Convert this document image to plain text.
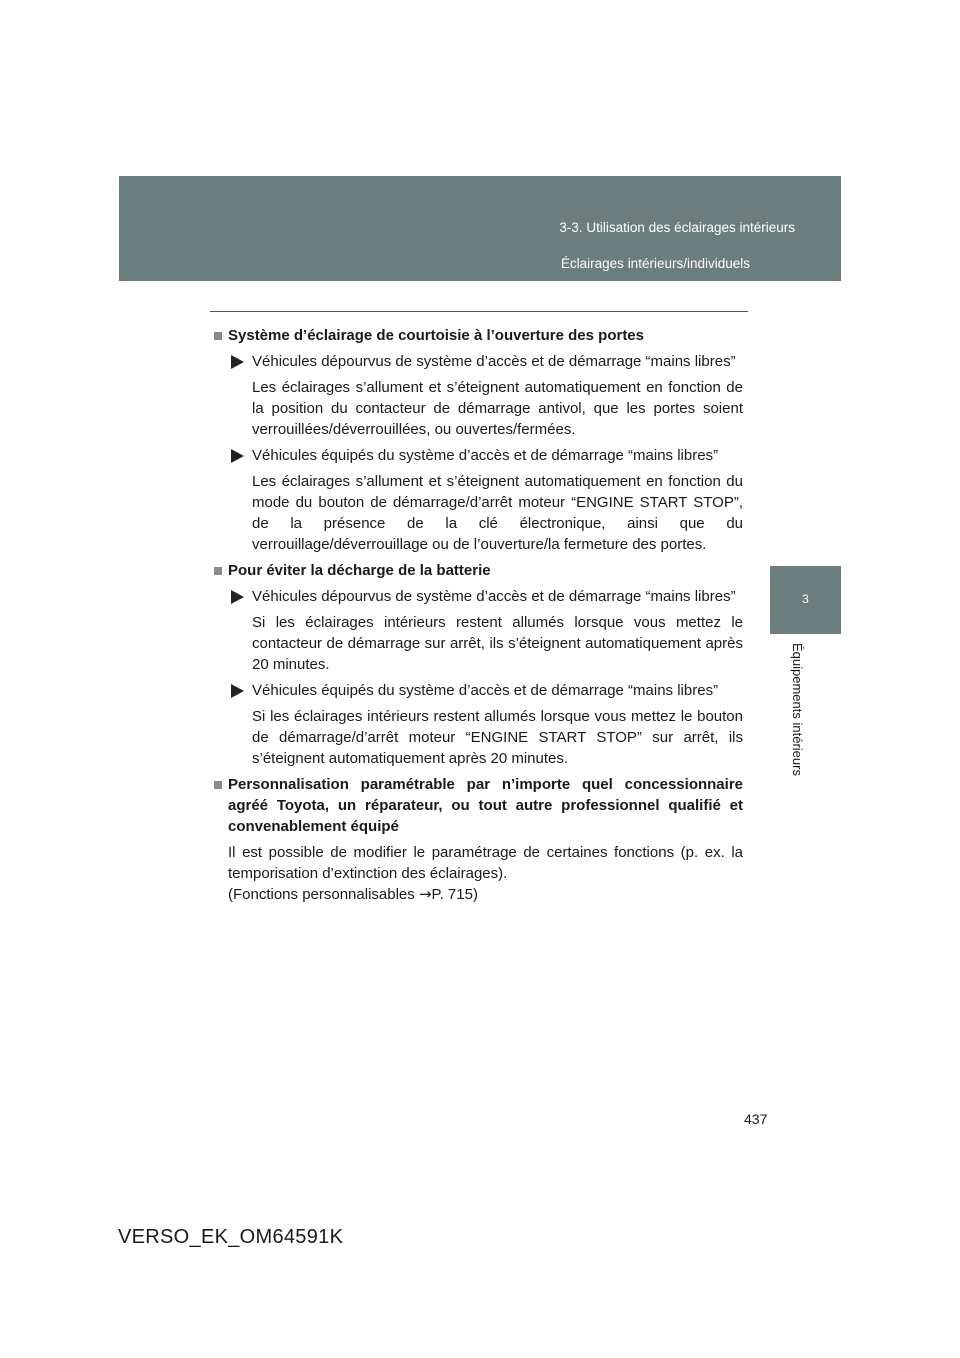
3-3. Utilisation des éclairages intérieurs
Éclairages intérieurs/individuels
3
Équipements intérieurs
Système d’éclairage de courtoisie à l’ouverture des portes
Véhicules dépourvus de système d’accès et de démarrage “mains libres”
Les éclairages s’allument et s’éteignent automatiquement en fonction de la position du contacteur de démarrage antivol, que les portes soient verrouillées/déverrouillées, ou ouvertes/fermées.
Véhicules équipés du système d’accès et de démarrage “mains libres”
Les éclairages s’allument et s’éteignent automatiquement en fonction du mode du bouton de démarrage/d’arrêt moteur “ENGINE START STOP”, de la présence de la clé électronique, ainsi que du verrouillage/déverrouillage ou de l’ouverture/la fermeture des portes.
Pour éviter la décharge de la batterie
Véhicules dépourvus de système d’accès et de démarrage “mains libres”
Si les éclairages intérieurs restent allumés lorsque vous mettez le contacteur de démarrage sur arrêt, ils s’éteignent automatiquement après 20 minutes.
Véhicules équipés du système d’accès et de démarrage “mains libres”
Si les éclairages intérieurs restent allumés lorsque vous mettez le bouton de démarrage/d’arrêt moteur “ENGINE START STOP” sur arrêt, ils s’éteignent automatiquement après 20 minutes.
Personnalisation paramétrable par n’importe quel concessionnaire agréé Toyota, un réparateur, ou tout autre professionnel qualifié et convenablement équipé
Il est possible de modifier le paramétrage de certaines fonctions (p. ex. la temporisation d’extinction des éclairages).
(Fonctions personnalisables →P. 715)
437
VERSO_EK_OM64591K
